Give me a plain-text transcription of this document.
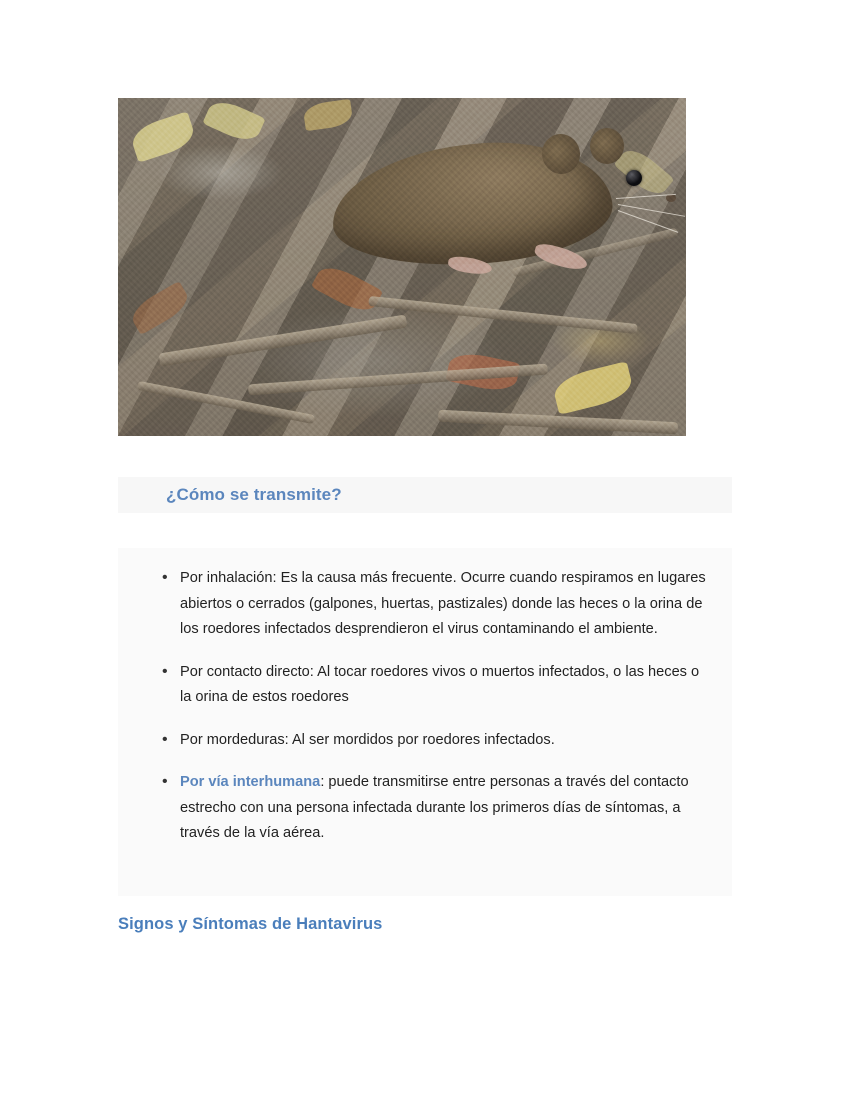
¿Cómo se transmite?
• Por inhalación: Es la causa más frecuente. Ocurre cuando respiramos en lugares abiertos o cerrados (galpones, huertas, pastizales) donde las heces o la orina de los roedores infectados desprendieron el virus contaminando el ambiente.
• Por contacto directo: Al tocar roedores vivos o muertos infectados, o las heces o la orina de estos roedores
• Por mordeduras: Al ser mordidos por roedores infectados.
• Por vía interhumana: puede transmitirse entre personas a través del contacto estrecho con una persona infectada durante los primeros días de síntomas, a través de la vía aérea.
Signos y Síntomas de Hantavirus
